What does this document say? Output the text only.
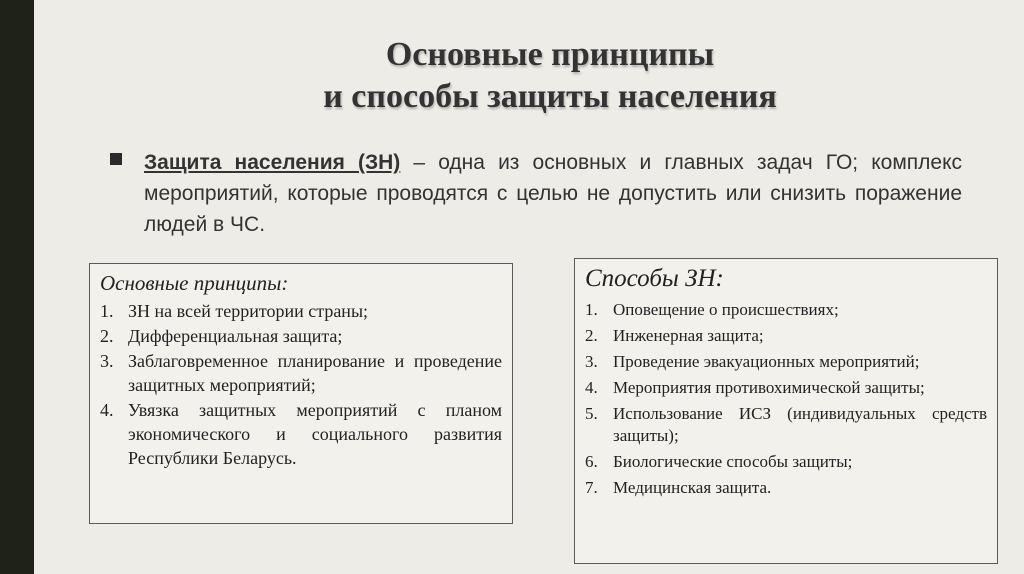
Основные принципы
и способы защиты населения
Защита населения (ЗН) – одна из основных и главных задач ГО; комплекс мероприятий, которые проводятся с целью не допустить или снизить поражение людей в ЧС.
Основные принципы:
1. ЗН на всей территории страны;
2. Дифференциальная защита;
3. Заблаговременное планирование и проведение защитных мероприятий;
4. Увязка защитных мероприятий с планом экономического и социального развития Республики Беларусь.
Способы ЗН:
1. Оповещение о происшествиях;
2. Инженерная защита;
3. Проведение эвакуационных мероприятий;
4. Мероприятия противохимической защиты;
5. Использование ИСЗ (индивидуальных средств защиты);
6. Биологические способы защиты;
7. Медицинская защита.
